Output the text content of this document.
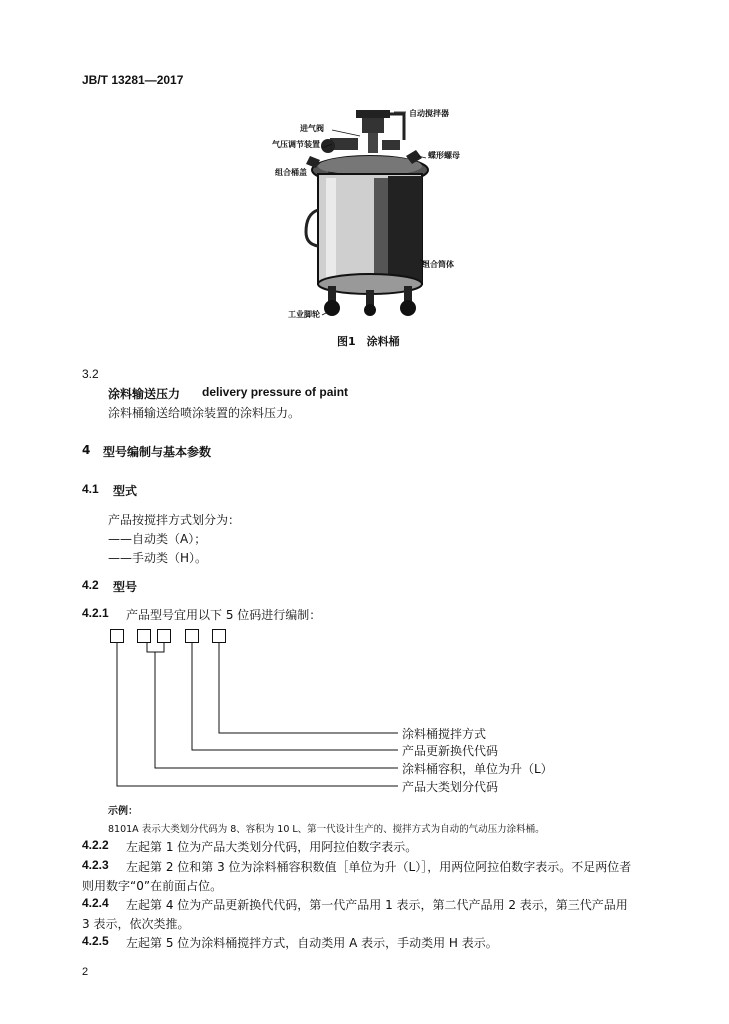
JB/T 13281—2017
自动搅拌器
进气阀
气压调节装置
蝶形螺母
组合桶盖
组合筒体
工业脚轮
图1　涂料桶
3.2
涂料输送压力 delivery pressure of paint
涂料桶输送给喷涂装置的涂料压力。
4 型号编制与基本参数
4.1 型式
产品按搅拌方式划分为：
——自动类（A）；
——手动类（H）。
4.2 型号
4.2.1 产品型号宜用以下 5 位码进行编制：
涂料桶搅拌方式
产品更新换代代码
涂料桶容积，单位为升（L）
产品大类划分代码
示例：
8101A 表示大类划分代码为 8、容积为 10 L、第一代设计生产的、搅拌方式为自动的气动压力涂料桶。
4.2.2 左起第 1 位为产品大类划分代码，用阿拉伯数字表示。
4.2.3 左起第 2 位和第 3 位为涂料桶容积数值［单位为升（L）］，用两位阿拉伯数字表示。不足两位者
则用数字“0”在前面占位。
4.2.4 左起第 4 位为产品更新换代代码，第一代产品用 1 表示，第二代产品用 2 表示，第三代产品用
3 表示，依次类推。
4.2.5 左起第 5 位为涂料桶搅拌方式，自动类用 A 表示，手动类用 H 表示。
2
